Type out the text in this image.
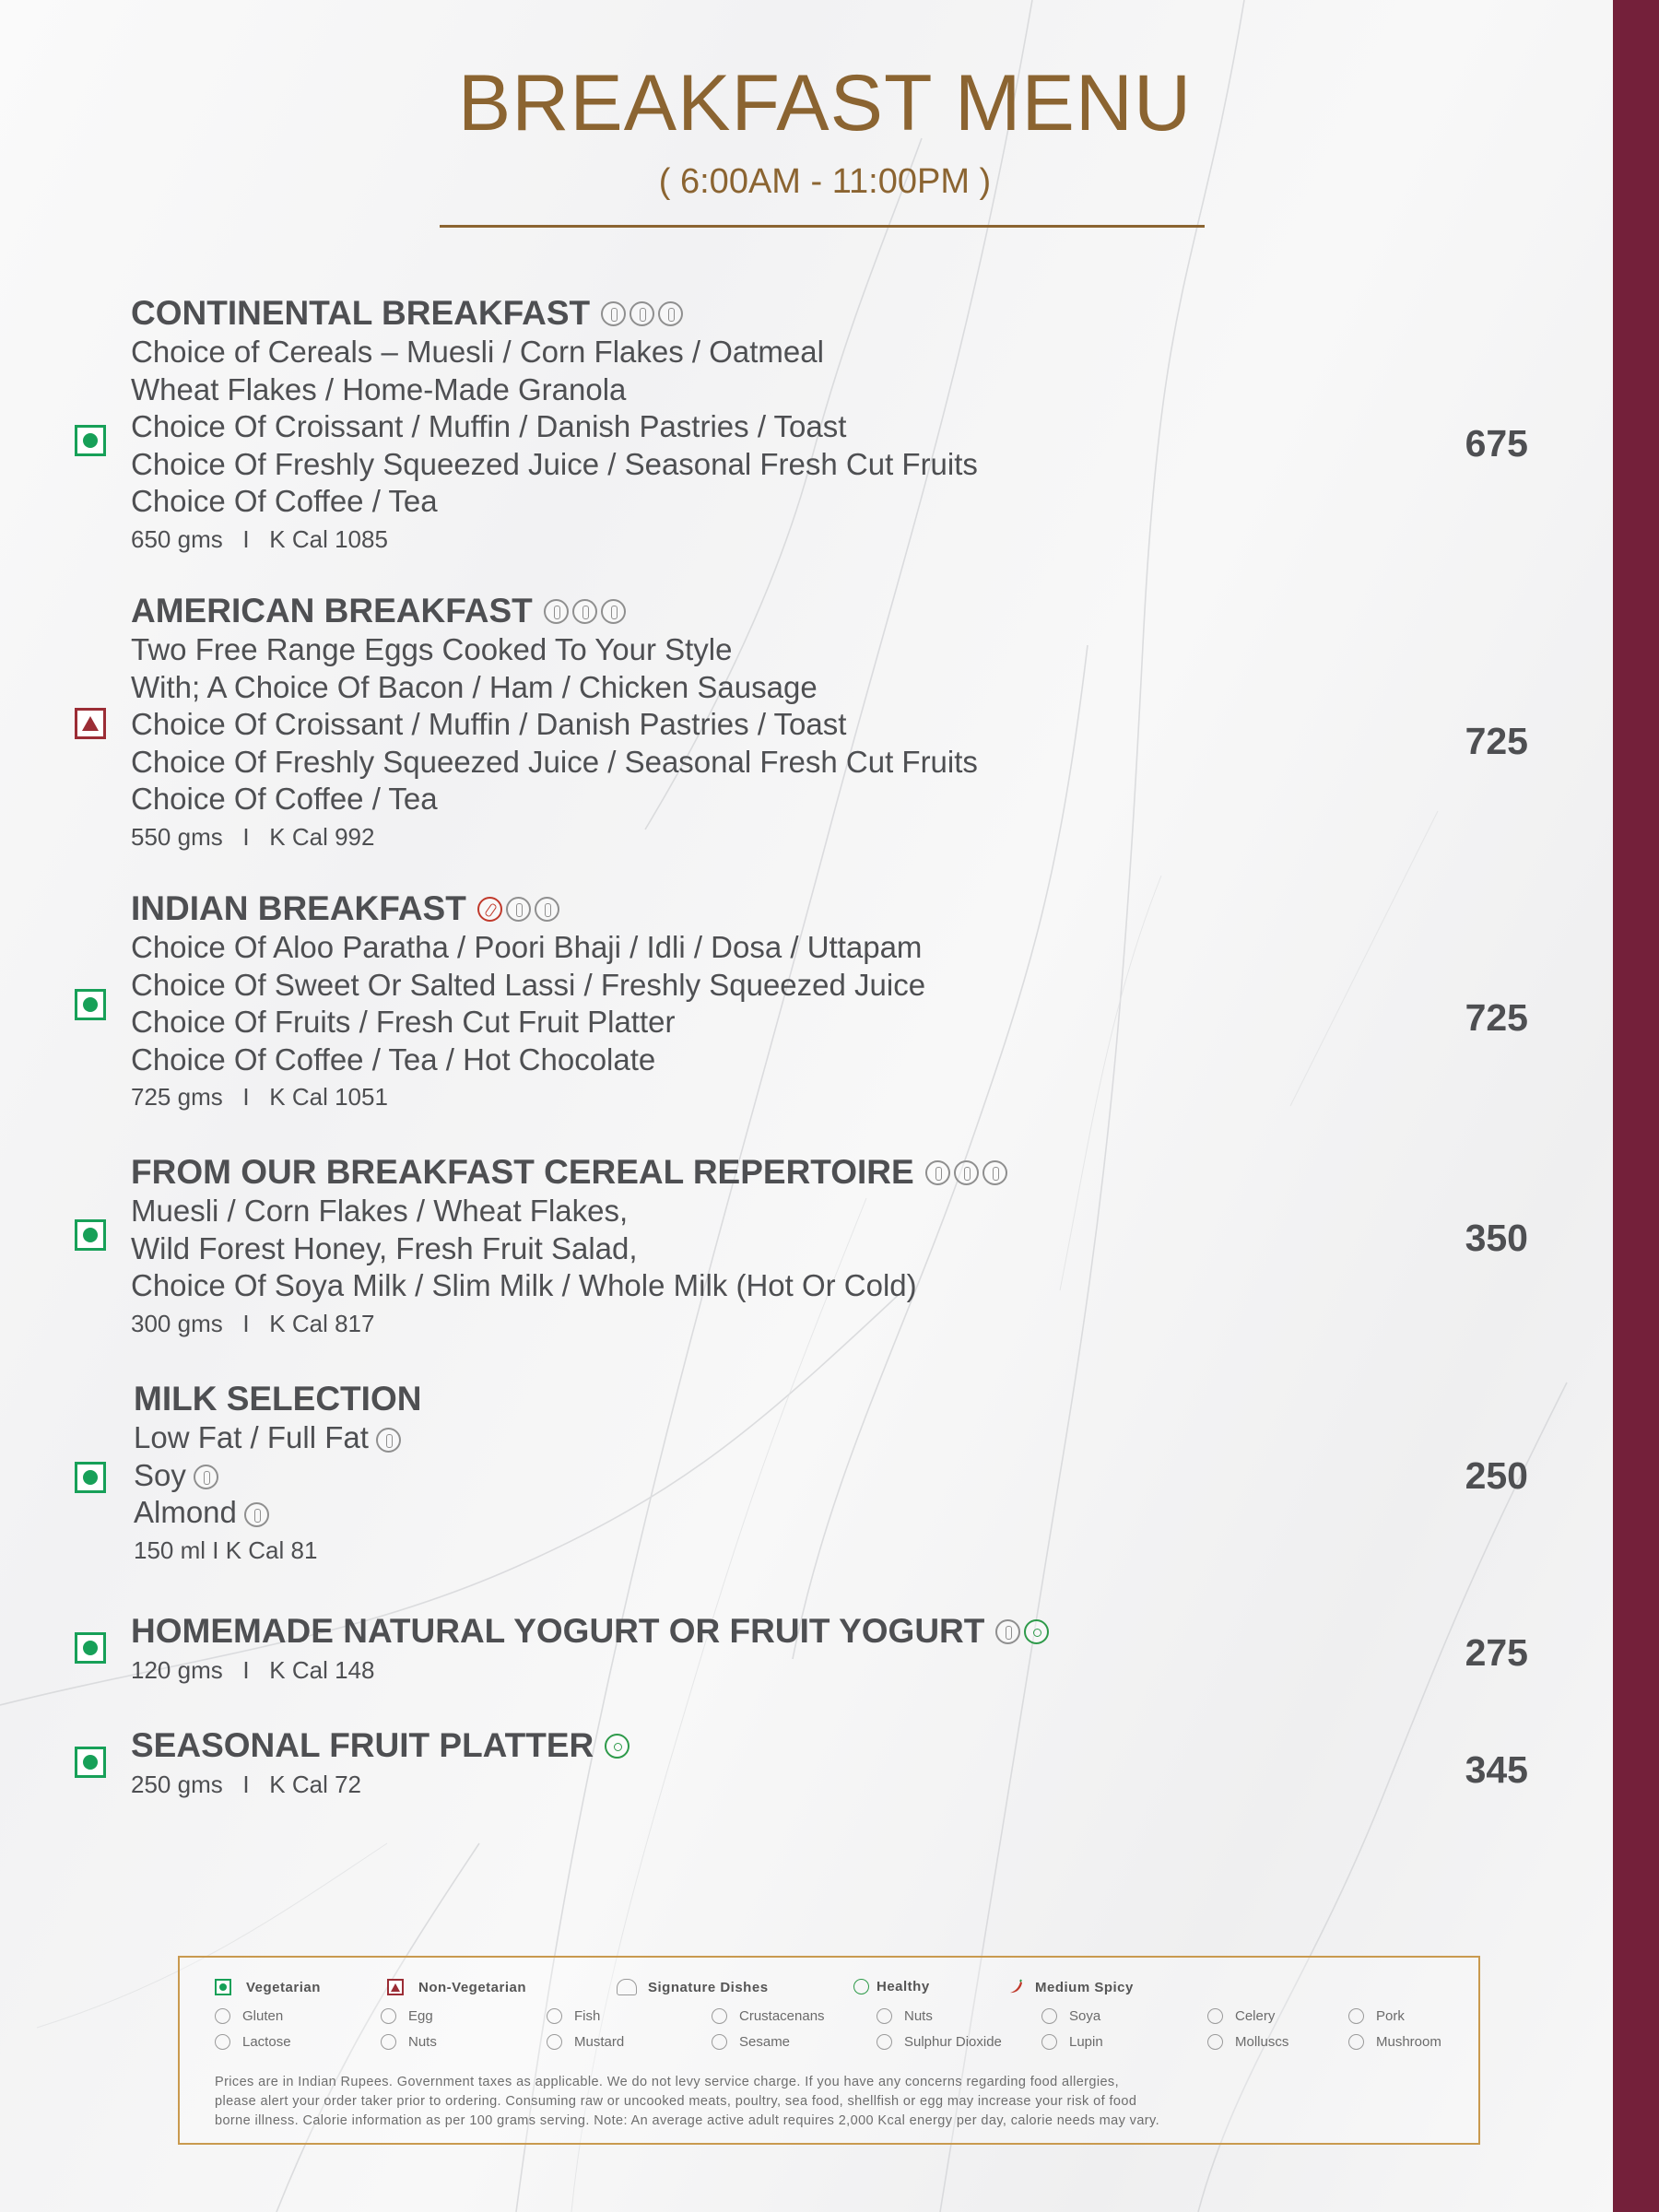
BREAKFAST MENU
( 6:00AM - 11:00PM )
CONTINENTAL BREAKFAST
Choice of Cereals – Muesli / Corn Flakes / Oatmeal
Wheat Flakes / Home-Made Granola
Choice Of Croissant / Muffin / Danish Pastries / Toast
Choice Of Freshly Squeezed Juice / Seasonal Fresh Cut Fruits
Choice Of Coffee / Tea
650 gms   I   K Cal 1085
675
AMERICAN BREAKFAST
Two Free Range Eggs Cooked To Your Style
With; A Choice Of Bacon / Ham / Chicken Sausage
Choice Of Croissant / Muffin / Danish Pastries / Toast
Choice Of Freshly Squeezed Juice / Seasonal Fresh Cut Fruits
Choice Of Coffee / Tea
550 gms   I   K Cal 992
725
INDIAN BREAKFAST
Choice Of Aloo Paratha / Poori Bhaji / Idli / Dosa / Uttapam
Choice Of Sweet Or Salted Lassi / Freshly Squeezed Juice
Choice Of Fruits / Fresh Cut Fruit Platter
Choice Of Coffee / Tea / Hot Chocolate
725 gms   I   K Cal 1051
725
FROM OUR BREAKFAST CEREAL REPERTOIRE
Muesli / Corn Flakes / Wheat Flakes,
Wild Forest Honey, Fresh Fruit Salad,
Choice Of Soya Milk / Slim Milk / Whole Milk (Hot Or Cold)
300 gms   I   K Cal 817
350
MILK SELECTION
Low Fat / Full Fat
Soy
Almond
150 ml I K Cal 81
250
HOMEMADE NATURAL YOGURT OR FRUIT YOGURT
120 gms   I   K Cal 148	275
SEASONAL FRUIT PLATTER
250 gms   I   K Cal 72	345
Vegetarian	Non-Vegetarian	Signature Dishes	Healthy	Medium Spicy
Gluten	Egg	Fish	Crustacenans	Nuts	Soya	Celery	Pork
Lactose	Nuts	Mustard	Sesame	Sulphur Dioxide	Lupin	Molluscs	Mushroom
Prices are in Indian Rupees. Government taxes as applicable. We do not levy service charge. If you have any concerns regarding food allergies,
please alert your order taker prior to ordering. Consuming raw or uncooked meats, poultry, sea food, shellfish or egg may increase your risk of food
borne illness. Calorie information as per 100 grams serving. Note: An average active adult requires 2,000 Kcal energy per day, calorie needs may vary.
